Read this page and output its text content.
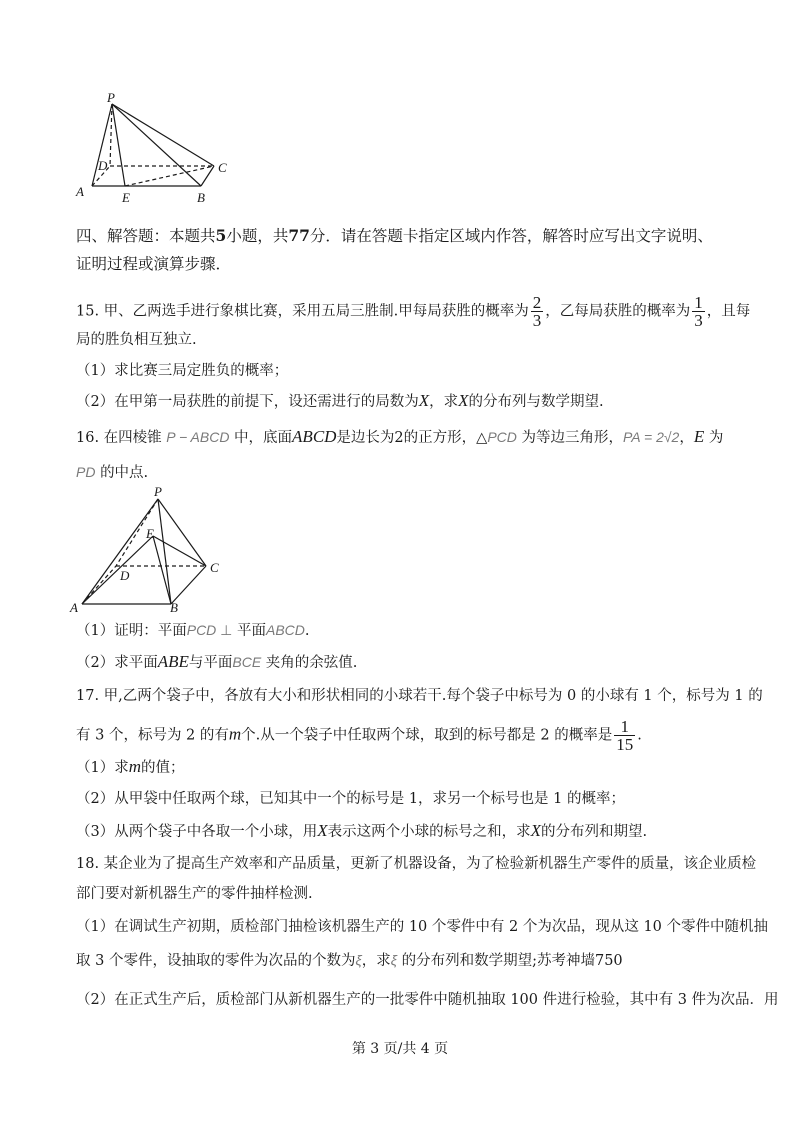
P
D	C
A	E	B
四、解答题：本题共5小题，共77分．请在答题卡指定区域内作答，解答时应写出文字说明、
证明过程或演算步骤．
15. 甲、乙两选手进行象棋比赛，采用五局三胜制.甲每局获胜的概率为 $\frac{2}{3}$ ，乙每局获胜的概率为 $\frac{1}{3}$ ，且每
局的胜负相互独立.
（1）求比赛三局定胜负的概率；
（2）在甲第一局获胜的前提下，设还需进行的局数为X，求X的分布列与数学期望.
16. 在四棱锥 P − ABCD 中，底面ABCD是边长为2的正方形，△PCD 为等边三角形，PA = 2√2，E 为
PD 的中点.
P
E
D
C
A	B
（1）证明：平面PCD ⊥ 平面ABCD.
（2）求平面ABE与平面BCE 夹角的余弦值.
17. 甲,乙两个袋子中，各放有大小和形状相同的小球若干.每个袋子中标号为 0 的小球有 1 个，标号为 1 的
有 3 个，标号为 2 的有m个.从一个袋子中任取两个球，取到的标号都是 2 的概率是 $\frac{1}{15}$ .
（1）求m的值；
（2）从甲袋中任取两个球，已知其中一个的标号是 1，求另一个标号也是 1 的概率；
（3）从两个袋子中各取一个小球，用X表示这两个小球的标号之和，求X的分布列和期望.
18. 某企业为了提高生产效率和产品质量，更新了机器设备，为了检验新机器生产零件的质量，该企业质检
部门要对新机器生产的零件抽样检测.
（1）在调试生产初期，质检部门抽检该机器生产的 10 个零件中有 2 个为次品，现从这 10 个零件中随机抽
取 3 个零件，设抽取的零件为次品的个数为ξ，求ξ 的分布列和数学期望;苏考神墙750
（2）在正式生产后，质检部门从新机器生产的一批零件中随机抽取 100 件进行检验，其中有 3 件为次品．用
第 3 页/共 4 页
